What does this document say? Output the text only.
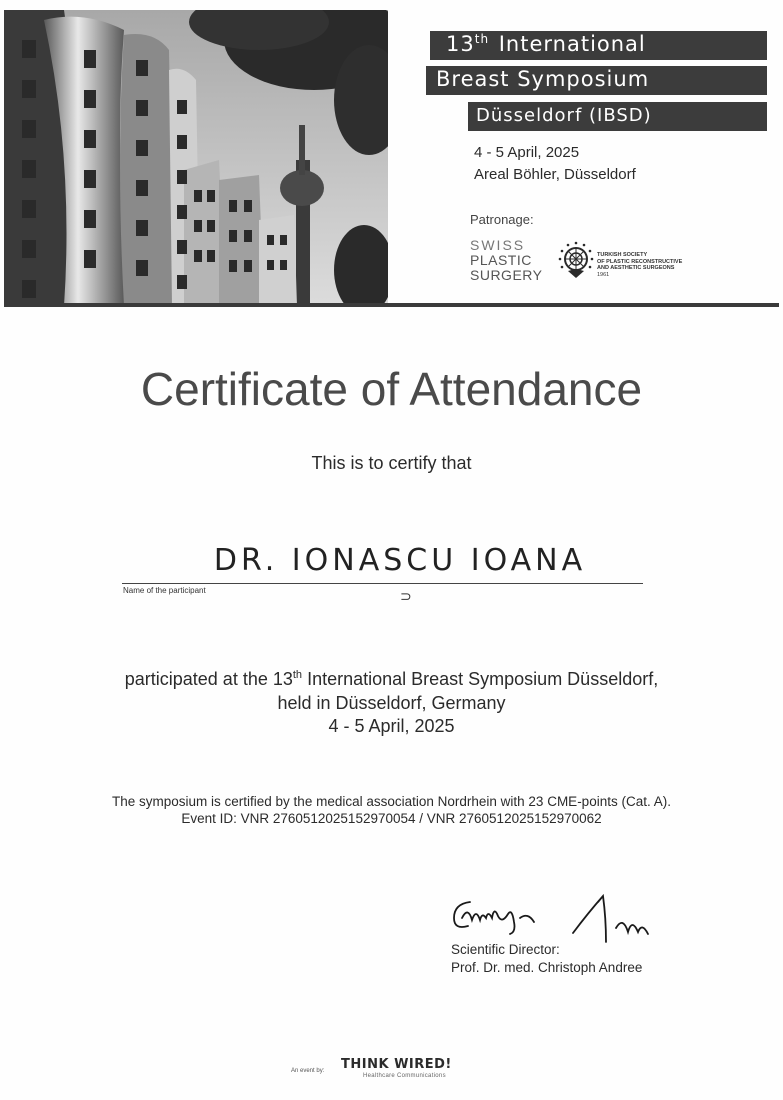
13th International
Breast Symposium
Düsseldorf (IBSD)
4 - 5 April, 2025
Areal Böhler, Düsseldorf
Patronage:
SWISS
PLASTIC
SURGERY
TURKISH SOCIETY
OF PLASTIC RECONSTRUCTIVE
AND AESTHETIC SURGEONS
1961
Certificate of Attendance
This is to certify that
DR. IONASCU IOANA
Name of the participant	⊃
participated at the 13th International Breast Symposium Düsseldorf,
held in Düsseldorf, Germany
4 - 5 April, 2025
The symposium is certified by the medical association Nordrhein with 23 CME-points (Cat. A).
Event ID: VNR 2760512025152970054 / VNR 2760512025152970062
Scientific Director:
Prof. Dr. med. Christoph Andree
An event by: THINK WIRED!
Healthcare Communications
